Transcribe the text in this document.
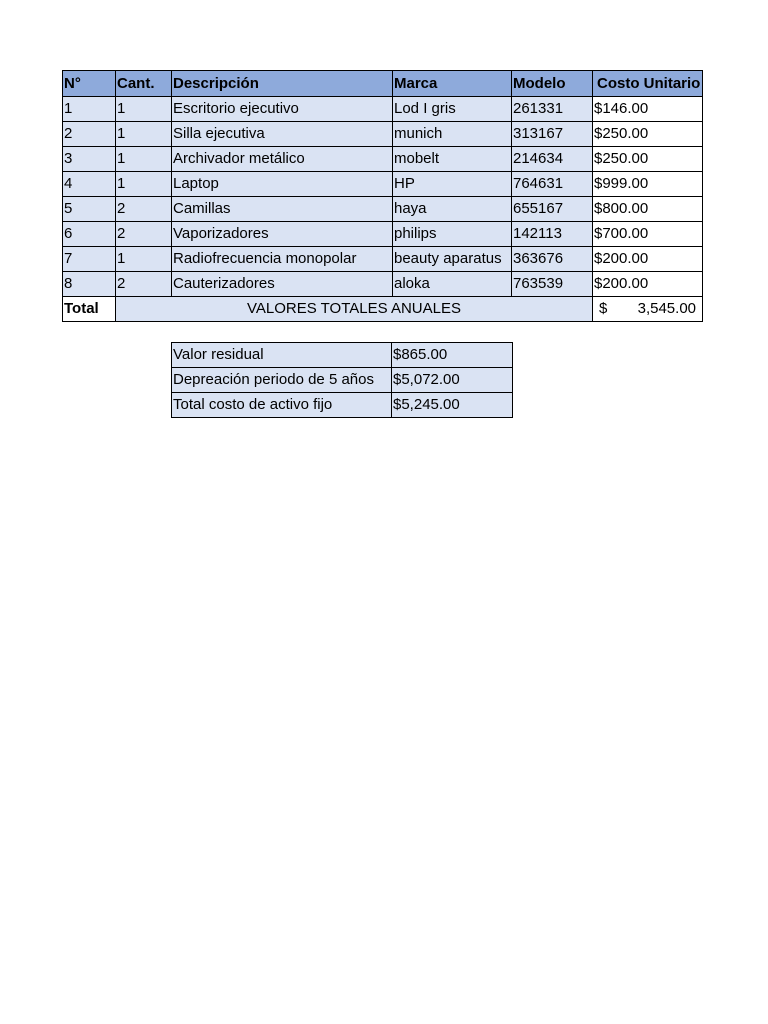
N°	Cant.	Descripción	Marca	Modelo	Costo Unitario
1	1	Escritorio ejecutivo	Lod I gris	261331	$146.00
2	1	Silla ejecutiva	munich	313167	$250.00
3	1	Archivador metálico	mobelt	214634	$250.00
4	1	Laptop	HP	764631	$999.00
5	2	Camillas	haya	655167	$800.00
6	2	Vaporizadores	philips	142113	$700.00
7	1	Radiofrecuencia monopolar	beauty aparatus	363676	$200.00
8	2	Cauterizadores	aloka	763539	$200.00
Total	VALORES TOTALES ANUALES				$ 3,545.00
Valor residual	$865.00
Depreación periodo de 5 años	$5,072.00
Total costo de activo fijo	$5,245.00
